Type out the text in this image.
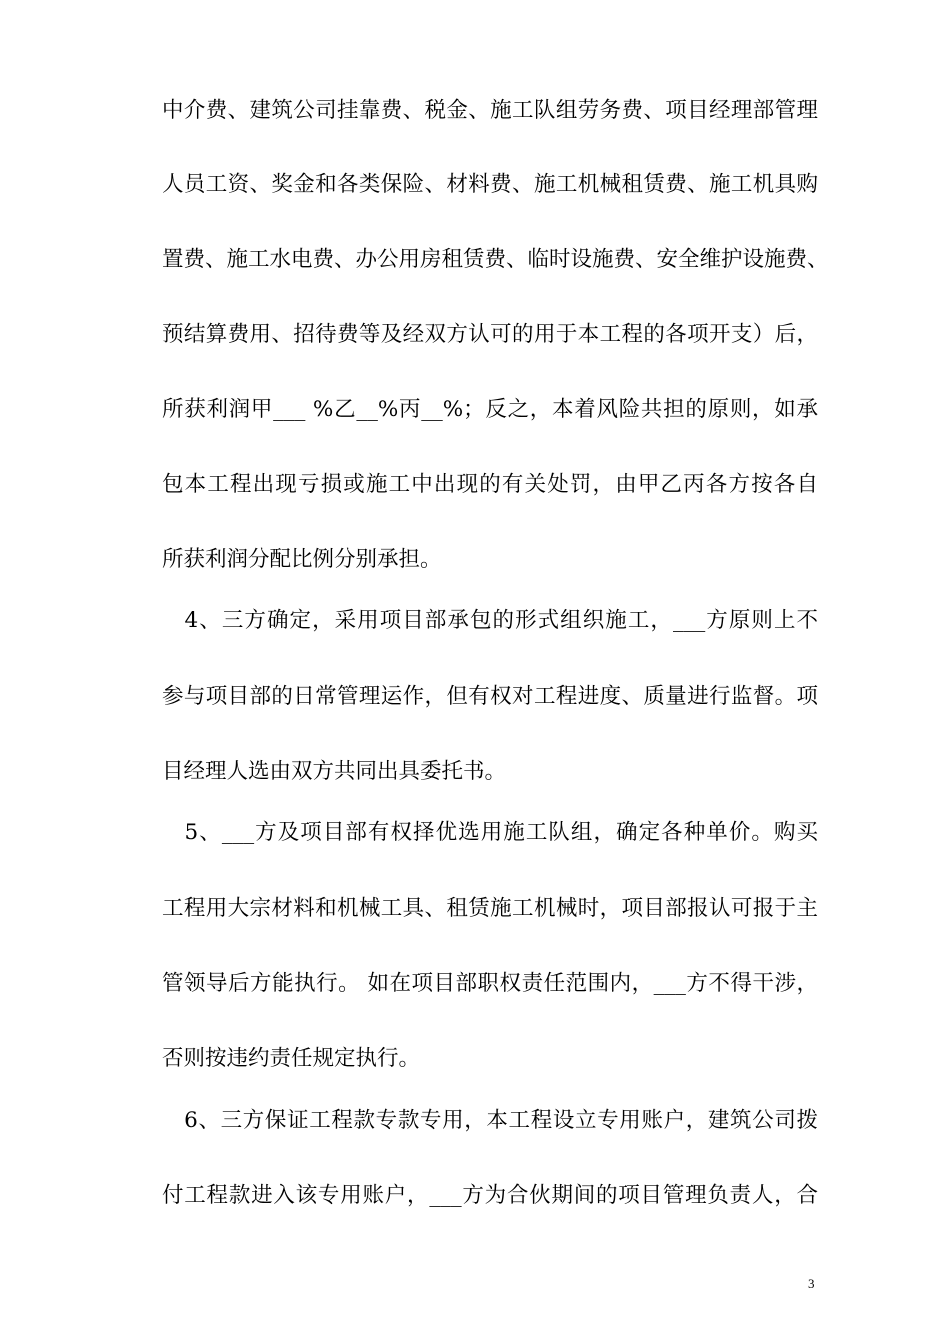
中介费、建筑公司挂靠费、税金、施工队组劳务费、项目经理部管理
人员工资、奖金和各类保险、材料费、施工机械租赁费、施工机具购
置费、施工水电费、办公用房租赁费、临时设施费、安全维护设施费、
预结算费用、招待费等及经双方认可的用于本工程的各项开支）后，
所获利润甲___ %乙__%丙__%；反之，本着风险共担的原则，如承
包本工程出现亏损或施工中出现的有关处罚，由甲乙丙各方按各自
所获利润分配比例分别承担。
　4、三方确定，采用项目部承包的形式组织施工，___方原则上不
参与项目部的日常管理运作，但有权对工程进度、质量进行监督。项
目经理人选由双方共同出具委托书。
　5、___方及项目部有权择优选用施工队组，确定各种单价。购买
工程用大宗材料和机械工具、租赁施工机械时，项目部报认可报于主
管领导后方能执行。 如在项目部职权责任范围内，___方不得干涉，
否则按违约责任规定执行。
　6、三方保证工程款专款专用，本工程设立专用账户，建筑公司拨
付工程款进入该专用账户，___方为合伙期间的项目管理负责人，合
3
